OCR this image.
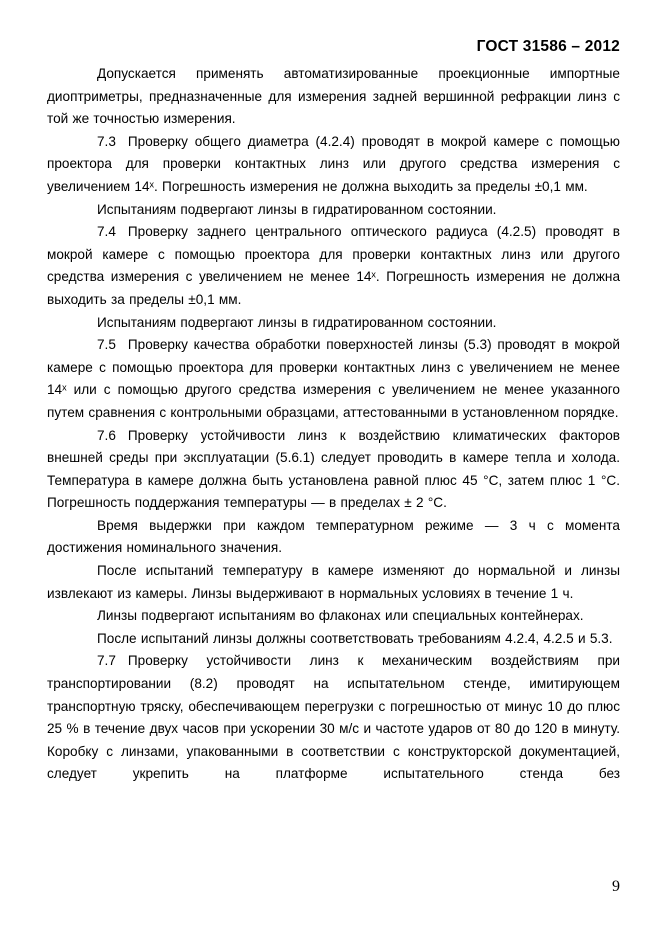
ГОСТ 31586 – 2012

Допускается применять автоматизированные проекционные импортные диоптриметры, предназначенные для измерения задней вершинной рефракции линз с той же точностью измерения.

7.3 Проверку общего диаметра (4.2.4) проводят в мокрой камере с помощью проектора для проверки контактных линз или другого средства измерения с увеличением 14ˣ. Погрешность измерения не должна выходить за пределы ±0,1 мм.

Испытаниям подвергают линзы в гидратированном состоянии.

7.4 Проверку заднего центрального оптического радиуса (4.2.5) проводят в мокрой камере с помощью проектора для проверки контактных линз или другого средства измерения с увеличением не менее 14ˣ. Погрешность измерения не должна выходить за пределы ±0,1 мм.

Испытаниям подвергают линзы в гидратированном состоянии.

7.5 Проверку качества обработки поверхностей линзы (5.3) проводят в мокрой камере с помощью проектора для проверки контактных линз с увеличением не менее 14ˣ или с помощью другого средства измерения с увеличением не менее указанного путем сравнения с контрольными образцами, аттестованными в установленном порядке.

7.6 Проверку устойчивости линз к воздействию климатических факторов внешней среды при эксплуатации (5.6.1) следует проводить в камере тепла и холода. Температура в камере должна быть установлена равной плюс 45 °С, затем плюс 1 °С. Погрешность поддержания температуры — в пределах ± 2 °С.

Время выдержки при каждом температурном режиме — 3 ч с момента достижения номинального значения.

После испытаний температуру в камере изменяют до нормальной и линзы извлекают из камеры. Линзы выдерживают в нормальных условиях в течение 1 ч.

Линзы подвергают испытаниям во флаконах или специальных контейнерах.

После испытаний линзы должны соответствовать требованиям 4.2.4, 4.2.5 и 5.3.

7.7 Проверку устойчивости линз к механическим воздействиям при транспортировании (8.2) проводят на испытательном стенде, имитирующем транспортную тряску, обеспечивающем перегрузки с погрешностью от минус 10 до плюс 25 % в течение двух часов при ускорении 30 м/с и частоте ударов от 80 до 120 в минуту. Коробку с линзами, упакованными в соответствии с конструкторской документацией, следует укрепить на платформе испытательного стенда без

9
